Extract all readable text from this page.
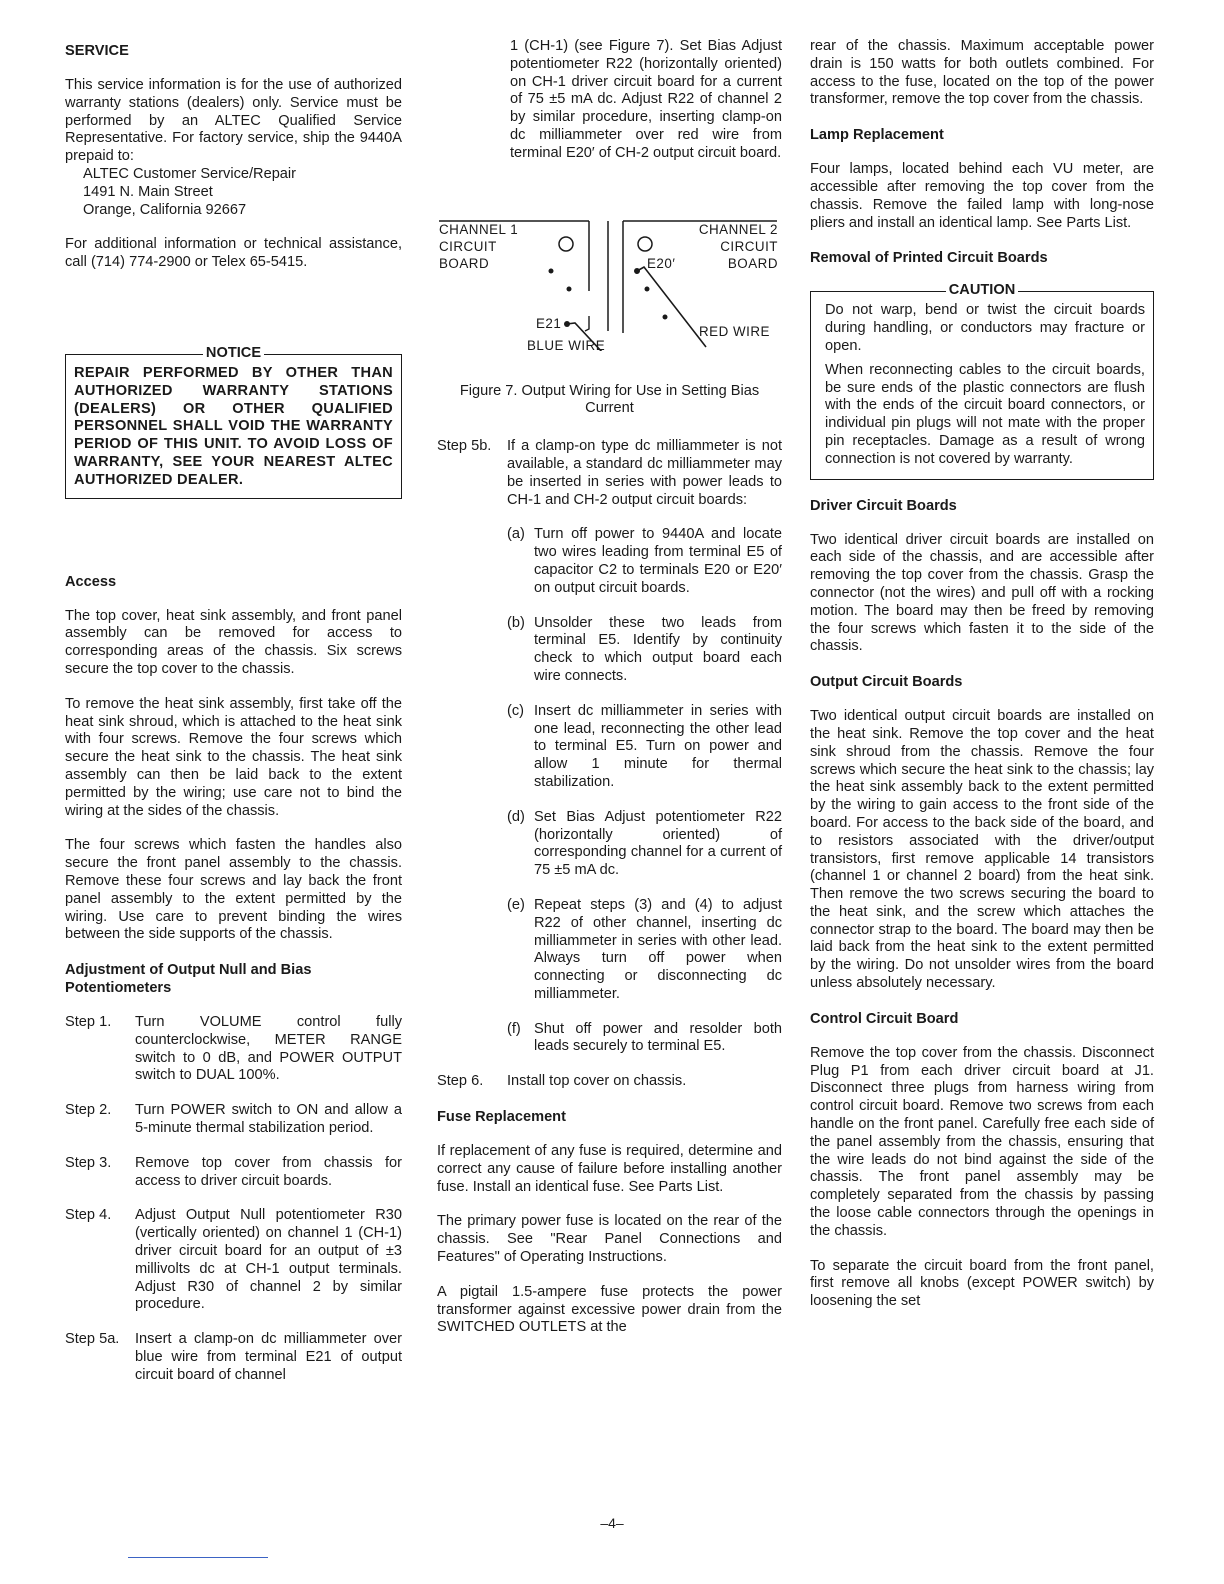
SERVICE

This service information is for the use of authorized warranty stations (dealers) only. Service must be performed by an ALTEC Qualified Service Representative. For factory service, ship the 9440A prepaid to:

ALTEC Customer Service/Repair
1491 N. Main Street
Orange, California 92667

For additional information or technical assistance, call (714) 774-2900 or Telex 65-5415.

NOTICE

REPAIR PERFORMED BY OTHER THAN AUTHORIZED WARRANTY STATIONS (DEALERS) OR OTHER QUALIFIED PERSONNEL SHALL VOID THE WARRANTY PERIOD OF THIS UNIT. TO AVOID LOSS OF WARRANTY, SEE YOUR NEAREST ALTEC AUTHORIZED DEALER.

Access

The top cover, heat sink assembly, and front panel assembly can be removed for access to corresponding areas of the chassis. Six screws secure the top cover to the chassis.

To remove the heat sink assembly, first take off the heat sink shroud, which is attached to the heat sink with four screws. Remove the four screws which secure the heat sink to the chassis. The heat sink assembly can then be laid back to the extent permitted by the wiring; use care not to bind the wiring at the sides of the chassis.

The four screws which fasten the handles also secure the front panel assembly to the chassis. Remove these four screws and lay back the front panel assembly to the extent permitted by the wiring. Use care to prevent binding the wires between the side supports of the chassis.

Adjustment of Output Null and Bias Potentiometers
Step 1.	Turn VOLUME control fully counterclockwise, METER RANGE switch to 0 dB, and POWER OUTPUT switch to DUAL 100%.
Step 2.	Turn POWER switch to ON and allow a 5-minute thermal stabilization period.
Step 3.	Remove top cover from chassis for access to driver circuit boards.
Step 4.	Adjust Output Null potentiometer R30 (vertically oriented) on channel 1 (CH-1) driver circuit board for an output of ±3 millivolts dc at CH-1 output terminals. Adjust R30 of channel 2 by similar procedure.
Step 5a.	Insert a clamp-on dc milliammeter over blue wire from terminal E21 of output circuit board of channel

1 (CH-1) (see Figure 7). Set Bias Adjust potentiometer R22 (horizontally oriented) on CH-1 driver circuit board for a current of 75 ±5 mA dc. Adjust R22 of channel 2 by similar procedure, inserting clamp-on dc milliammeter over red wire from terminal E20′ of CH-2 output circuit board.

CHANNEL 1
CIRCUIT
BOARD
CHANNEL 2
CIRCUIT
BOARD
E20′
E21
RED WIRE
BLUE WIRE

Figure 7. Output Wiring for Use in Setting Bias Current

Step 5b.	If a clamp-on type dc milliammeter is not available, a standard dc milliammeter may be inserted in series with power leads to CH-1 and CH-2 output circuit boards:
(a) Turn off power to 9440A and locate two wires leading from terminal E5 of capacitor C2 to terminals E20 or E20′ on output circuit boards.
(b) Unsolder these two leads from terminal E5. Identify by continuity check to which output board each wire connects.
(c) Insert dc milliammeter in series with one lead, reconnecting the other lead to terminal E5. Turn on power and allow 1 minute for thermal stabilization.
(d) Set Bias Adjust potentiometer R22 (horizontally oriented) of corresponding channel for a current of 75 ±5 mA dc.
(e) Repeat steps (3) and (4) to adjust R22 of other channel, inserting dc milliammeter in series with other lead. Always turn off power when connecting or disconnecting dc milliammeter.
(f) Shut off power and resolder both leads securely to terminal E5.
Step 6.	Install top cover on chassis.
Fuse Replacement

If replacement of any fuse is required, determine and correct any cause of failure before installing another fuse. Install an identical fuse. See Parts List.

The primary power fuse is located on the rear of the chassis. See "Rear Panel Connections and Features" of Operating Instructions.

A pigtail 1.5-ampere fuse protects the power transformer against excessive power drain from the SWITCHED OUTLETS at the

rear of the chassis. Maximum acceptable power drain is 150 watts for both outlets combined. For access to the fuse, located on the top of the power transformer, remove the top cover from the chassis.

Lamp Replacement

Four lamps, located behind each VU meter, are accessible after removing the top cover from the chassis. Remove the failed lamp with long-nose pliers and install an identical lamp. See Parts List.

Removal of Printed Circuit Boards
CAUTION

Do not warp, bend or twist the circuit boards during handling, or conductors may fracture or open.

When reconnecting cables to the circuit boards, be sure ends of the plastic connectors are flush with the ends of the circuit board connectors, or individual pin plugs will not mate with the proper pin receptacles. Damage as a result of wrong connection is not covered by warranty.

Driver Circuit Boards

Two identical driver circuit boards are installed on each side of the chassis, and are accessible after removing the top cover from the chassis. Grasp the connector (not the wires) and pull off with a rocking motion. The board may then be freed by removing the four screws which fasten it to the side of the chassis.

Output Circuit Boards

Two identical output circuit boards are installed on the heat sink. Remove the top cover and the heat sink shroud from the chassis. Remove the four screws which secure the heat sink to the chassis; lay the heat sink assembly back to the extent permitted by the wiring to gain access to the front side of the board. For access to the back side of the board, and to resistors associated with the driver/output transistors, first remove applicable 14 transistors (channel 1 or channel 2 board) from the heat sink. Then remove the two screws securing the board to the heat sink, and the screw which attaches the connector strap to the board. The board may then be laid back from the heat sink to the extent permitted by the wiring. Do not unsolder wires from the board unless absolutely necessary.

Control Circuit Board

Remove the top cover from the chassis. Disconnect Plug P1 from each driver circuit board at J1. Disconnect three plugs from harness wiring from control circuit board. Remove two screws from each handle on the front panel. Carefully free each side of the panel assembly from the chassis, ensuring that the wire leads do not bind against the side of the chassis. The front panel assembly may be completely separated from the chassis by passing the loose cable connectors through the openings in the chassis.

To separate the circuit board from the front panel, first remove all knobs (except POWER switch) by loosening the set

–4–
